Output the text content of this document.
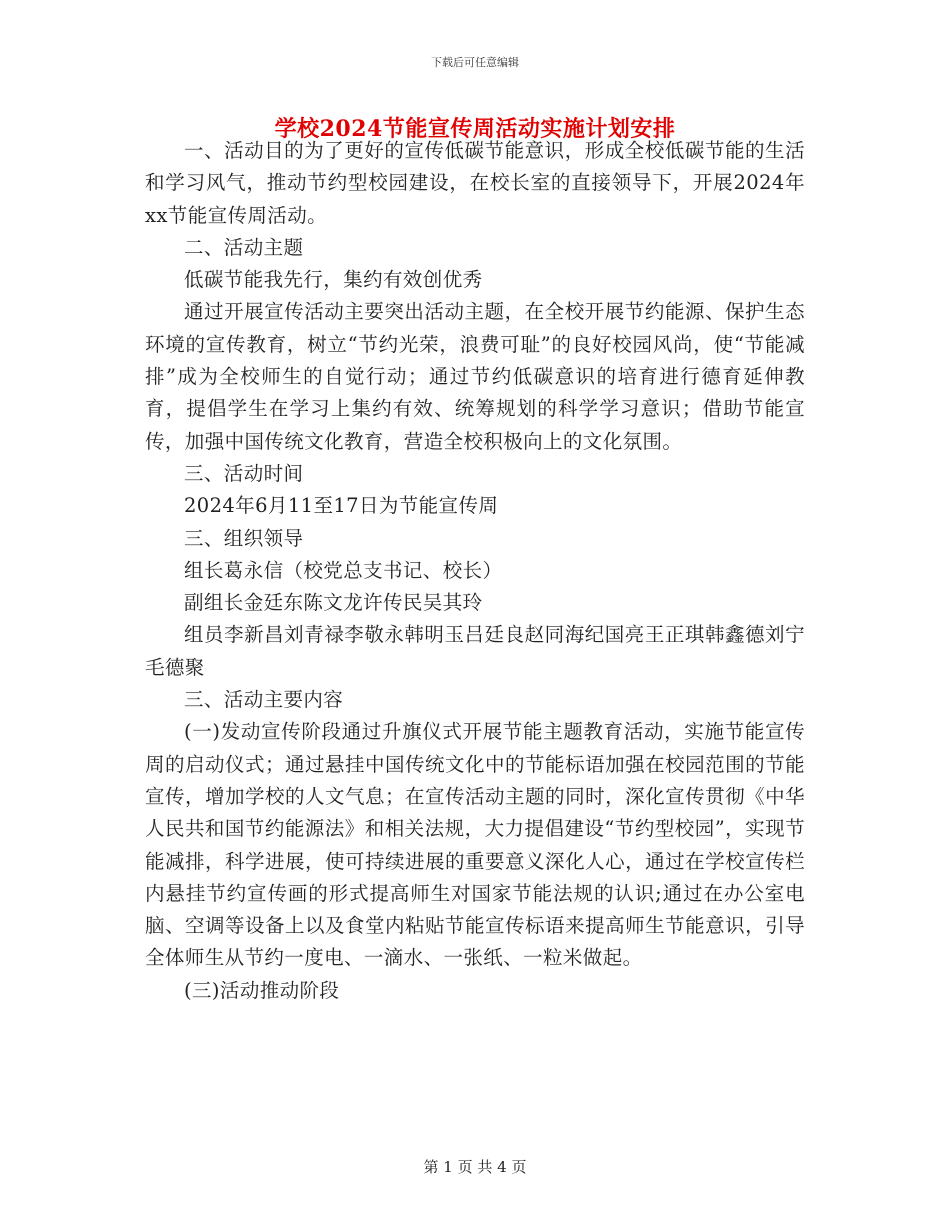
下载后可任意编辑
学校2024节能宣传周活动实施计划安排

一、活动目的为了更好的宣传低碳节能意识，形成全校低碳节能的生活和学习风气，推动节约型校园建设，在校长室的直接领导下，开展2024年xx节能宣传周活动。

二、活动主题

低碳节能我先行，集约有效创优秀

通过开展宣传活动主要突出活动主题，在全校开展节约能源、保护生态环境的宣传教育，树立“节约光荣，浪费可耻”的良好校园风尚，使“节能减排”成为全校师生的自觉行动；通过节约低碳意识的培育进行德育延伸教育，提倡学生在学习上集约有效、统筹规划的科学学习意识；借助节能宣传，加强中国传统文化教育，营造全校积极向上的文化氛围。

三、活动时间

2024年6月11至17日为节能宣传周

三、组织领导

组长葛永信（校党总支书记、校长）

副组长金廷东陈文龙许传民吴其玲

组员李新昌刘青禄李敬永韩明玉吕廷良赵同海纪国亮王正琪韩鑫德刘宁毛德聚

三、活动主要内容

(一)发动宣传阶段通过升旗仪式开展节能主题教育活动，实施节能宣传周的启动仪式；通过悬挂中国传统文化中的节能标语加强在校园范围的节能宣传，增加学校的人文气息；在宣传活动主题的同时，深化宣传贯彻《中华人民共和国节约能源法》和相关法规，大力提倡建设“节约型校园”，实现节能减排，科学进展，使可持续进展的重要意义深化人心，通过在学校宣传栏内悬挂节约宣传画的形式提高师生对国家节能法规的认识;通过在办公室电脑、空调等设备上以及食堂内粘贴节能宣传标语来提高师生节能意识，引导全体师生从节约一度电、一滴水、一张纸、一粒米做起。

(三)活动推动阶段

第 1 页 共 4 页
